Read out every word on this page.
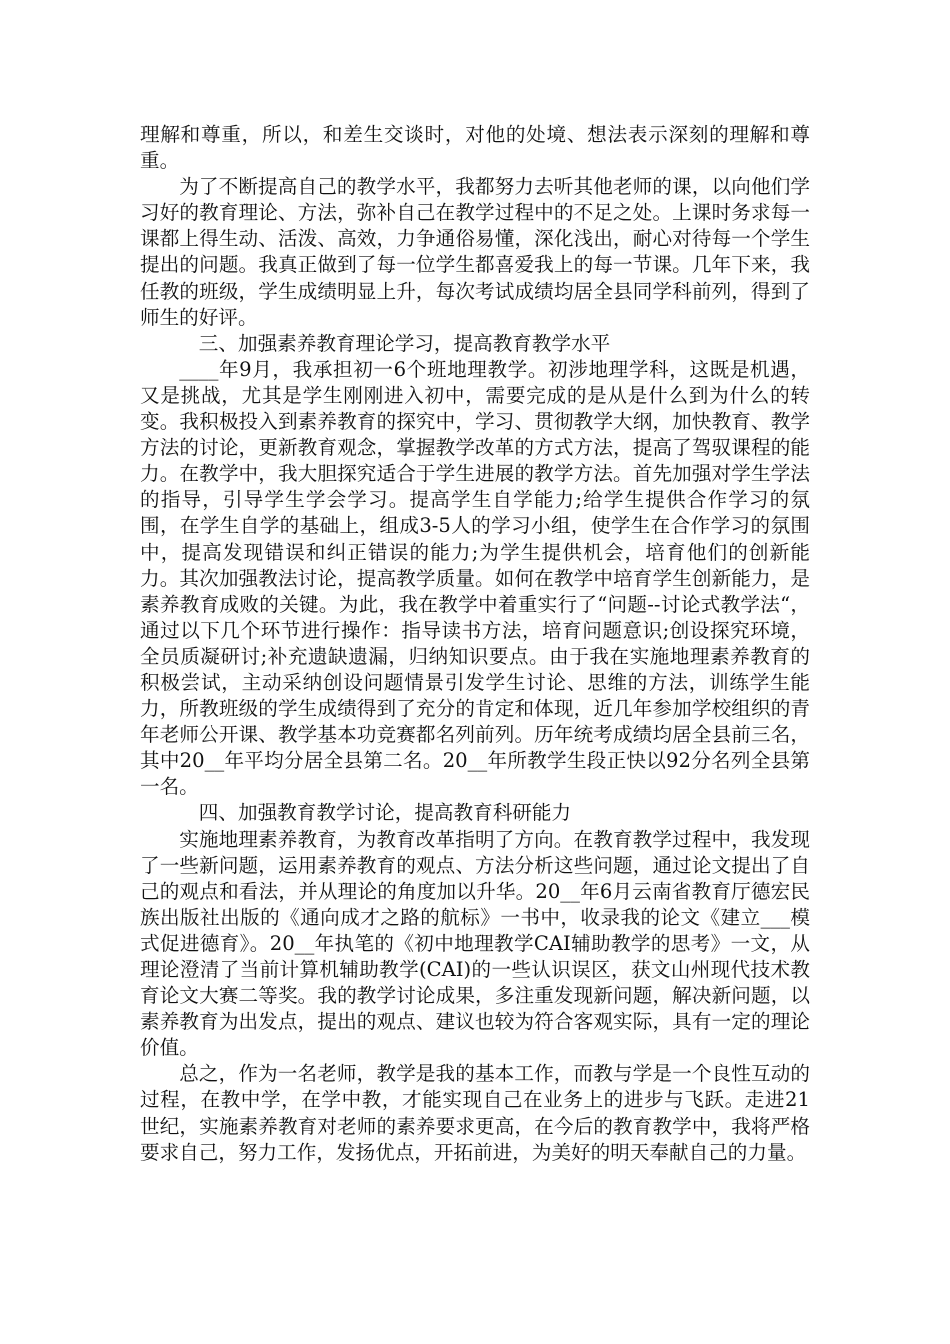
理解和尊重，所以，和差生交谈时，对他的处境、想法表示深刻的理解和尊重。

为了不断提高自己的教学水平，我都努力去听其他老师的课，以向他们学习好的教育理论、方法，弥补自己在教学过程中的不足之处。上课时务求每一课都上得生动、活泼、高效，力争通俗易懂，深化浅出，耐心对待每一个学生提出的问题。我真正做到了每一位学生都喜爱我上的每一节课。几年下来，我任教的班级，学生成绩明显上升，每次考试成绩均居全县同学科前列，得到了师生的好评。

三、加强素养教育理论学习，提高教育教学水平

____年9月，我承担初一6个班地理教学。初涉地理学科，这既是机遇，又是挑战，尤其是学生刚刚进入初中，需要完成的是从是什么到为什么的转变。我积极投入到素养教育的探究中，学习、贯彻教学大纲，加快教育、教学方法的讨论，更新教育观念，掌握教学改革的方式方法，提高了驾驭课程的能力。在教学中，我大胆探究适合于学生进展的教学方法。首先加强对学生学法的指导，引导学生学会学习。提高学生自学能力;给学生提供合作学习的氛围，在学生自学的基础上，组成3-5人的学习小组，使学生在合作学习的氛围中，提高发现错误和纠正错误的能力;为学生提供机会，培育他们的创新能力。其次加强教法讨论，提高教学质量。如何在教学中培育学生创新能力，是素养教育成败的关键。为此，我在教学中着重实行了“问题--讨论式教学法“，通过以下几个环节进行操作：指导读书方法，培育问题意识;创设探究环境，全员质凝研讨;补充遗缺遗漏，归纳知识要点。由于我在实施地理素养教育的积极尝试，主动采纳创设问题情景引发学生讨论、思维的方法，训练学生能力，所教班级的学生成绩得到了充分的肯定和体现，近几年参加学校组织的青年老师公开课、教学基本功竞赛都名列前列。历年统考成绩均居全县前三名，其中20__年平均分居全县第二名。20__年所教学生段正快以92分名列全县第一名。

四、加强教育教学讨论，提高教育科研能力

实施地理素养教育，为教育改革指明了方向。在教育教学过程中，我发现了一些新问题，运用素养教育的观点、方法分析这些问题，通过论文提出了自己的观点和看法，并从理论的角度加以升华。20__年6月云南省教育厅德宏民族出版社出版的《通向成才之路的航标》一书中，收录我的论文《建立___模式促进德育》。20__年执笔的《初中地理教学CAI辅助教学的思考》一文，从理论澄清了当前计算机辅助教学(CAI)的一些认识误区，获文山州现代技术教育论文大赛二等奖。我的教学讨论成果，多注重发现新问题，解决新问题，以素养教育为出发点，提出的观点、建议也较为符合客观实际，具有一定的理论价值。

总之，作为一名老师，教学是我的基本工作，而教与学是一个良性互动的过程，在教中学，在学中教，才能实现自己在业务上的进步与飞跃。走进21世纪，实施素养教育对老师的素养要求更高，在今后的教育教学中，我将严格要求自己，努力工作，发扬优点，开拓前进，为美好的明天奉献自己的力量。
